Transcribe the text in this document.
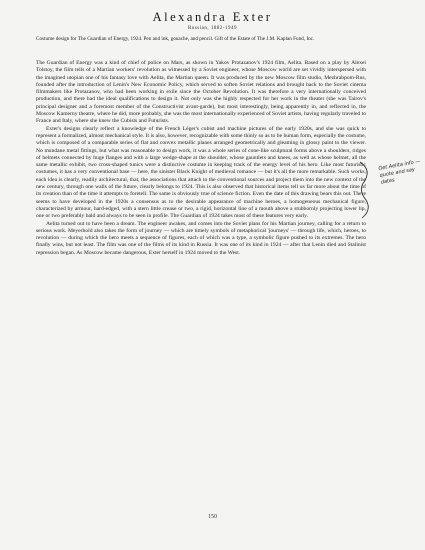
Alexandra Exter
Russian, 1882-1949
Costume design for The Guardian of Energy, 1924. Pen and ink, gouache, and pencil. Gift of the Estate of The J.M. Kaplan Fund, Inc.

The Guardian of Energy was a kind of chief of police on Mars, as shown in Yakov Protazanov's 1924 film, Aelita. Based on a play by Alexei Tolstoy, the film tells of a Martian workers' revolution as witnessed by a Soviet engineer, whose Moscow world are set vividly interspersed with the imagined utopian one of his fantasy love with Aelita, the Martian queen. It was produced by the new Moscow film studio, Mezhrabpom-Rus, founded after the introduction of Lenin's New Economic Policy, which served to soften Soviet relations and brought back to the Soviet cinema filmmakers like Protazanov, who had been working in exile since the October Revolution. It was therefore a very internationally conceived production, and there had the ideal qualifications to design it. Not only was she highly respected for her work in the theater (she was Tairov's principal designer and a foremost member of the Constructivist avant-garde), but most interestingly, being apparently in, and reflected in, the Moscow Kamerny theatre, where he did, more probably, she was the most internationally experienced of Soviet artists, having regularly traveled to France and Italy, where she knew the Cubists and Futurists.

Exter's designs clearly reflect a knowledge of the French Léger's cubist and machine pictures of the early 1920s, and she was quick to represent a formalized, almost mechanical style. It is also, however, recognizable with some thinly so as to be human form, especially the costume, which is composed of a comparable series of flat and convex metallic planes arranged geometrically and gleaming in glossy paint to the viewer. No mundane metal fittings, but what was reasonable to design work, it was a whole series of cone-like sculptural forms above a shoulders, ridges of helmets connected by huge flanges and with a large wedge-shape at the shoulder, whose gauntlets and knees, as well as whose helmet, all the same metallic exhibit, two cross-shaped tunics were a distinctive costume in keeping track of the energy level of his hero. Like most futuristic costumes, it has a very conventional base — here, the sinister Black Knight of medieval romance — but it's all the more remarkable. Such works, each idea is clearly, readily architectural, that, the associations that attach to the conventional sources and project them into the new context of the new century, through one walls of the future, clearly belongs to 1924. This is also observed that historical items tell us far more about the time of its creation than of the time it attempts to foretell. The same is obviously true of science fiction. Even the date of this drawing bears this out. There seems to have developed in the 1920s a consensus as to the desirable appearance of machine heroes, a homogeneous mechanical figure, characterized by armour, hard-edged, with a stern little crease or two, a rigid, horizontal line of a mouth above a stubbornly projecting lower lip, one or two preferably bald and always to be seen in profile. The Guardian of 1924 takes most of these features very early.

Aelita turned out to have been a dream. The engineer awakes, and comes into the Soviet plans for his Martian journey, calling for a return to serious work. Meyerhold also takes the form of journey — which are timely symbols of metaphorical 'journeys' — through life, which, heroes, to revolution — during which the hero meets a sequence of figures, each of which was a type, a symbolic figure pushed to its extremes. The hero finally wins, but not least. The film was one of the films of its kind in Russia. It was one of its kind in 1924 — after that Lenin died and Stalinist repression began. As Moscow became dangerous, Exter herself in 1924 moved to the West.

Get Aelita info — quote and say dates
150
